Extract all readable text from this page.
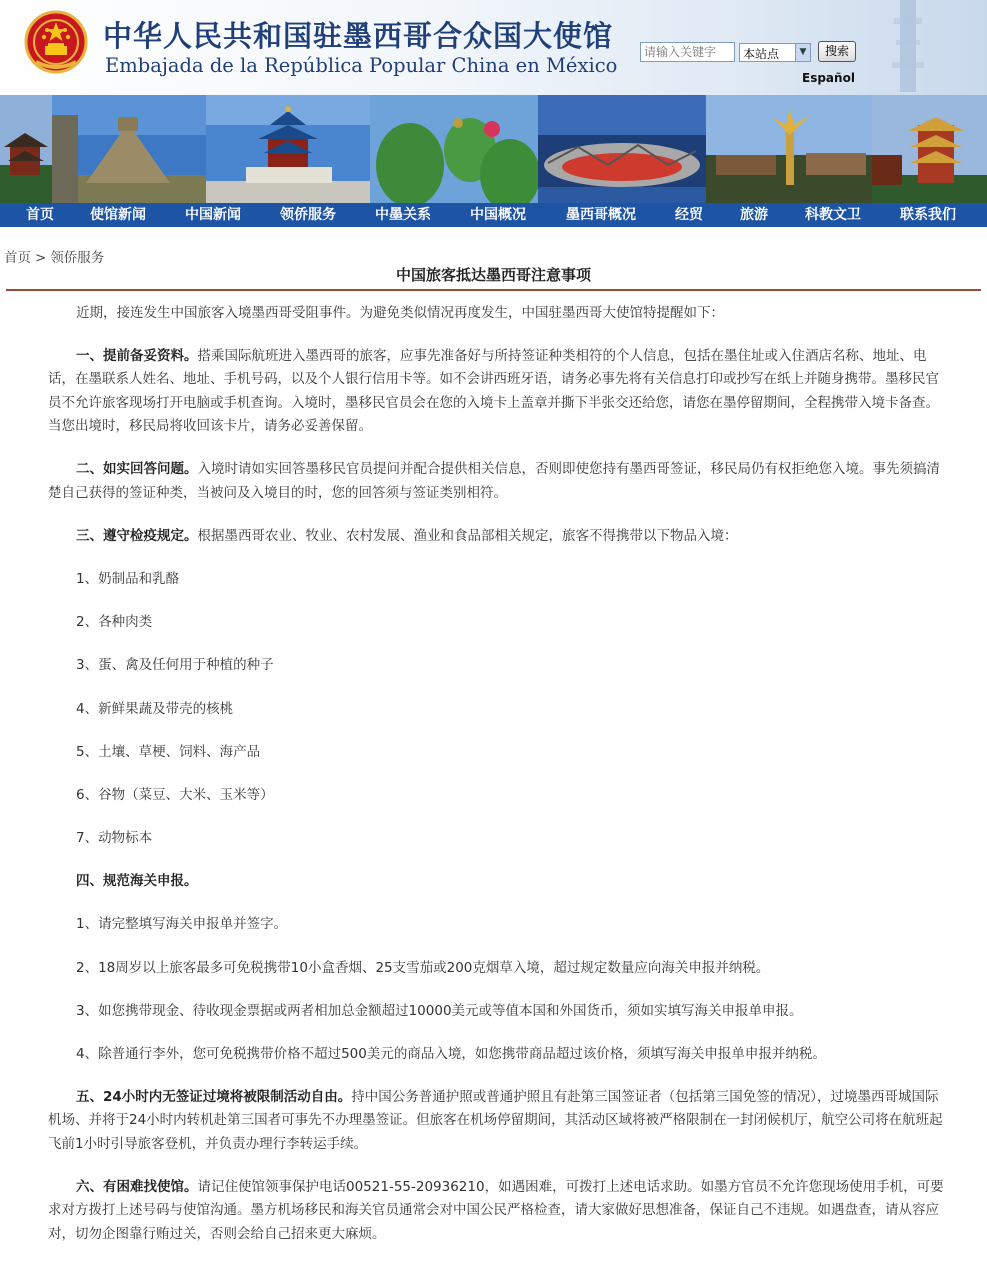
中华人民共和国驻墨西哥合众国大使馆
Embajada de la República Popular China en México
请输入关键字	本站点	▼	搜索
Español
首页	使馆新闻	中国新闻	领侨服务	中墨关系	中国概况	墨西哥概况	经贸	旅游	科教文卫	联系我们
首页 > 领侨服务
中国旅客抵达墨西哥注意事项

近期，接连发生中国旅客入境墨西哥受阻事件。为避免类似情况再度发生，中国驻墨西哥大使馆特提醒如下：

一、提前备妥资料。搭乘国际航班进入墨西哥的旅客，应事先准备好与所持签证种类相符的个人信息，包括在墨住址或入住酒店名称、地址、电话，在墨联系人姓名、地址、手机号码，以及个人银行信用卡等。如不会讲西班牙语，请务必事先将有关信息打印或抄写在纸上并随身携带。墨移民官员不允许旅客现场打开电脑或手机查询。入境时，墨移民官员会在您的入境卡上盖章并撕下半张交还给您，请您在墨停留期间，全程携带入境卡备查。当您出境时，移民局将收回该卡片，请务必妥善保留。

二、如实回答问题。入境时请如实回答墨移民官员提问并配合提供相关信息，否则即使您持有墨西哥签证，移民局仍有权拒绝您入境。事先须搞清楚自己获得的签证种类，当被问及入境目的时，您的回答须与签证类别相符。

三、遵守检疫规定。根据墨西哥农业、牧业、农村发展、渔业和食品部相关规定，旅客不得携带以下物品入境：

1、奶制品和乳酪

2、各种肉类

3、蛋、禽及任何用于种植的种子

4、新鲜果蔬及带壳的核桃

5、土壤、草梗、饲料、海产品

6、谷物（菜豆、大米、玉米等）

7、动物标本

四、规范海关申报。

1、请完整填写海关申报单并签字。

2、18周岁以上旅客最多可免税携带10小盒香烟、25支雪茄或200克烟草入境，超过规定数量应向海关申报并纳税。

3、如您携带现金、待收现金票据或两者相加总金额超过10000美元或等值本国和外国货币，须如实填写海关申报单申报。

4、除普通行李外，您可免税携带价格不超过500美元的商品入境，如您携带商品超过该价格，须填写海关申报单申报并纳税。

五、24小时内无签证过境将被限制活动自由。持中国公务普通护照或普通护照且有赴第三国签证者（包括第三国免签的情况），过境墨西哥城国际机场、并将于24小时内转机赴第三国者可事先不办理墨签证。但旅客在机场停留期间，其活动区域将被严格限制在一封闭候机厅，航空公司将在航班起飞前1小时引导旅客登机，并负责办理行李转运手续。

六、有困难找使馆。请记住使馆领事保护电话00521-55-20936210，如遇困难，可拨打上述电话求助。如墨方官员不允许您现场使用手机，可要求对方拨打上述号码与使馆沟通。墨方机场移民和海关官员通常会对中国公民严格检查，请大家做好思想准备，保证自己不违规。如遇盘查，请从容应对，切勿企图靠行贿过关，否则会给自己招来更大麻烦。
